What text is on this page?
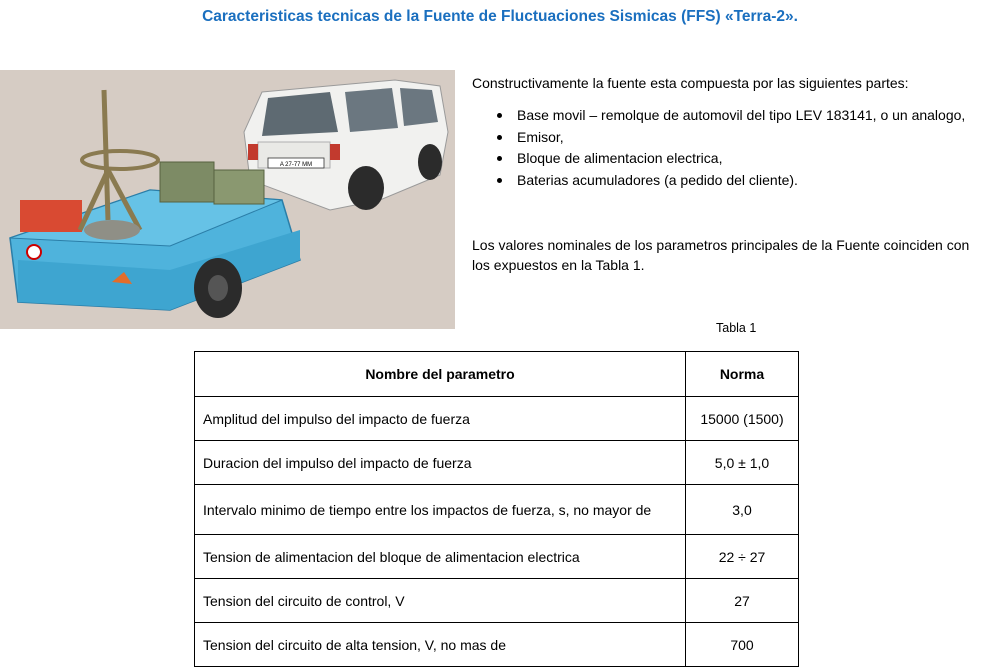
Caracteristicas tecnicas de la Fuente de Fluctuaciones Sismicas (FFS) «Terra-2».
A 27-77 MM
Constructivamente la fuente esta compuesta por las siguientes partes:
Base movil – remolque de automovil del tipo LEV 183141, o un analogo,
Emisor,
Bloque de alimentacion electrica,
Baterias acumuladores (a pedido del cliente).
Los valores nominales de los parametros principales de la Fuente coinciden con los expuestos en la Tabla 1.
Tabla 1
Nombre del parametro	Norma
Amplitud del impulso del impacto de fuerza	15000 (1500)
Duracion del impulso del impacto de fuerza	5,0 ± 1,0
Intervalo minimo de tiempo entre los impactos de fuerza, s, no mayor de	3,0
Tension de alimentacion del bloque de alimentacion electrica	22 ÷ 27
Tension del circuito de control, V	27
Tension del circuito de alta tension, V, no mas de	700
